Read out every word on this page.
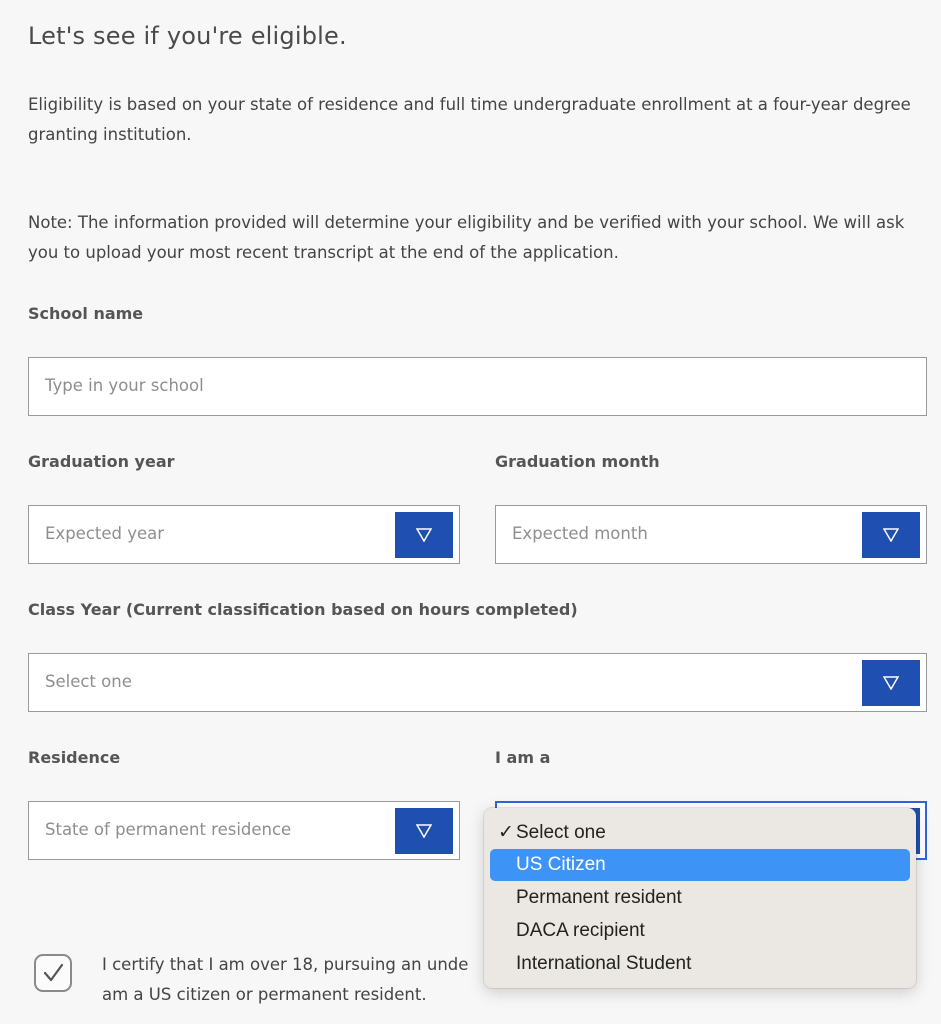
Let's see if you're eligible.
Eligibility is based on your state of residence and full time undergraduate enrollment at a four-year degree granting institution.
Note: The information provided will determine your eligibility and be verified with your school. We will ask you to upload your most recent transcript at the end of the application.
School name
Type in your school
Graduation year
Expected year
Graduation month
Expected month
Class Year (Current classification based on hours completed)
Select one
Residence
State of permanent residence
I am a
I certify that I am over 18, pursuing an unde am a US citizen or permanent resident.
✓ Select one
US Citizen
Permanent resident
DACA recipient
International Student
